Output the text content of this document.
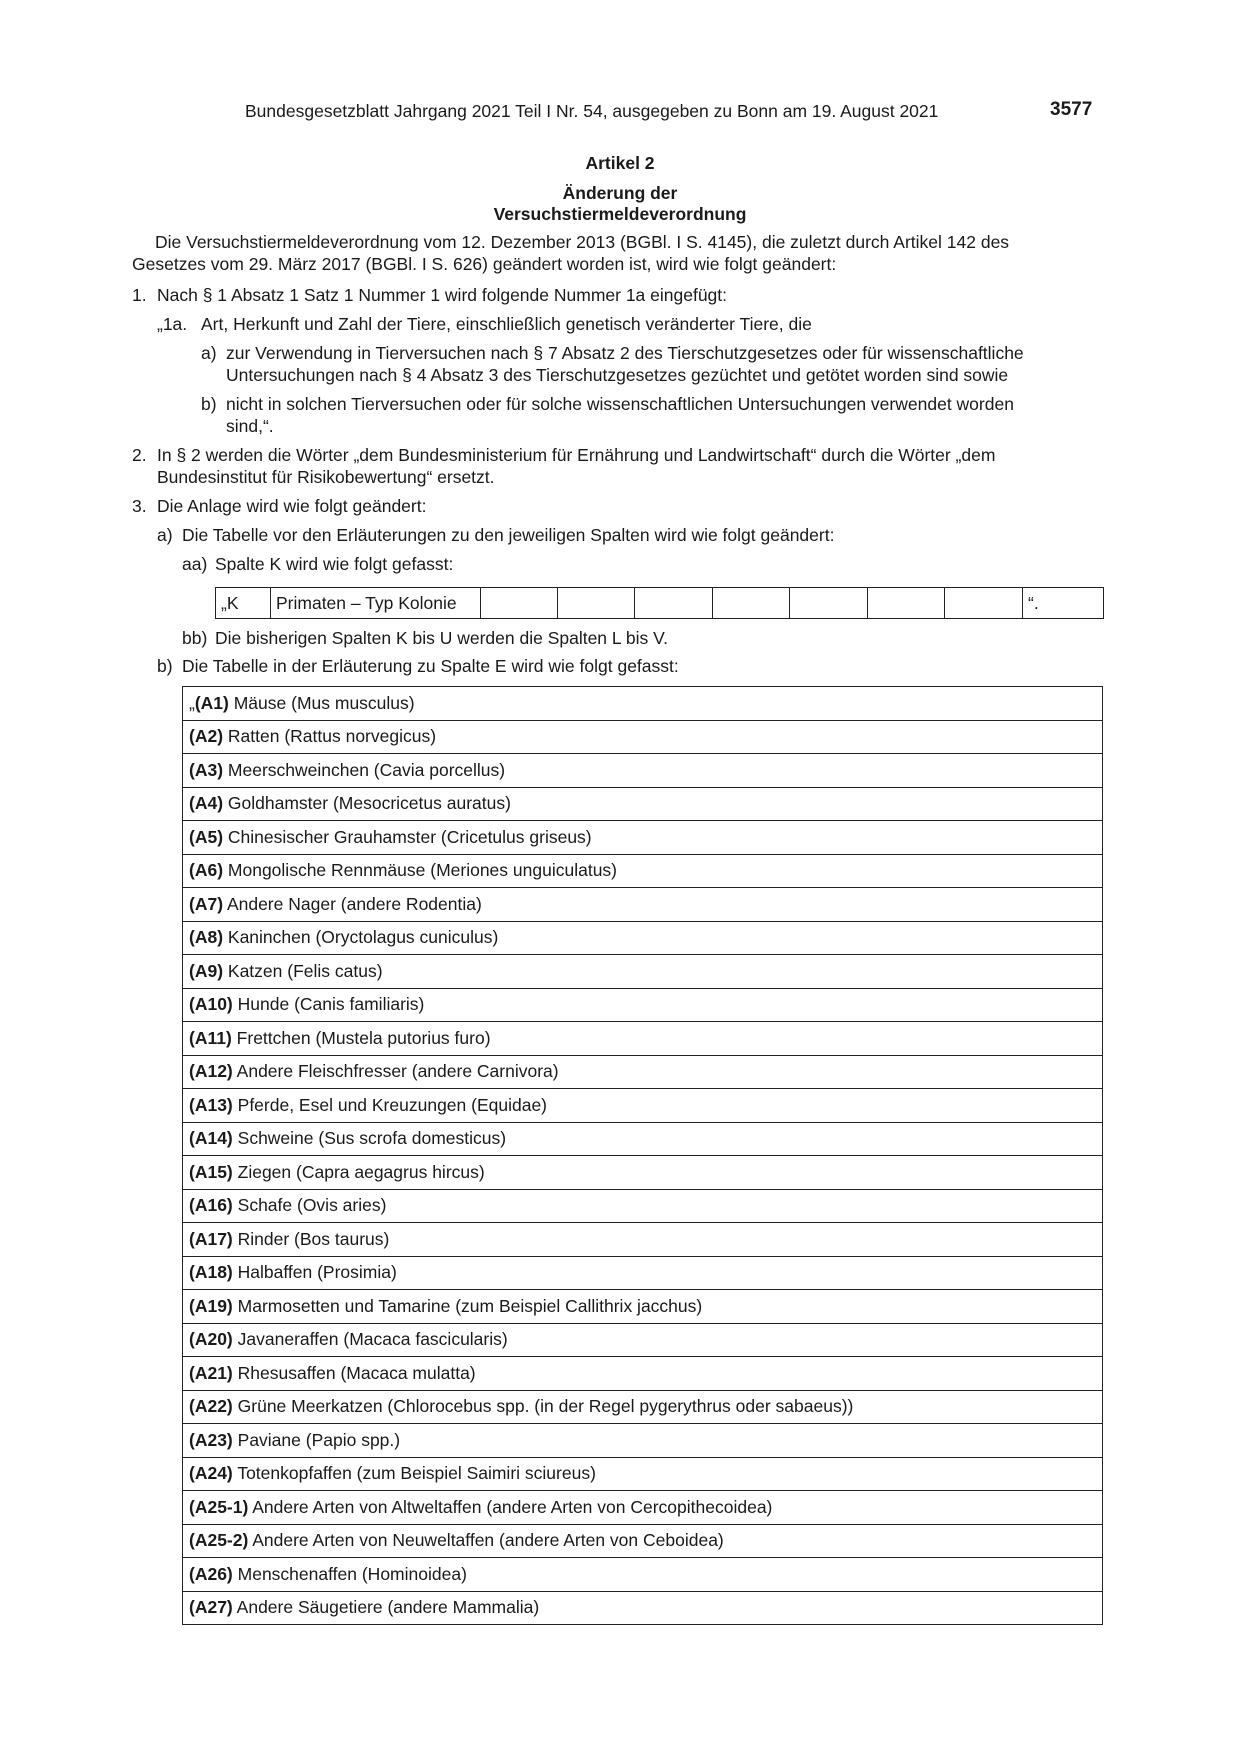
Bundesgesetzblatt Jahrgang 2021 Teil I Nr. 54, ausgegeben zu Bonn am 19. August 2021	3577
Artikel 2
Änderung der
Versuchstiermeldeverordnung
Die Versuchstiermeldeverordnung vom 12. Dezember 2013 (BGBl. I S. 4145), die zuletzt durch Artikel 142 des
Gesetzes vom 29. März 2017 (BGBl. I S. 626) geändert worden ist, wird wie folgt geändert:
1. Nach § 1 Absatz 1 Satz 1 Nummer 1 wird folgende Nummer 1a eingefügt:
„1a. Art, Herkunft und Zahl der Tiere, einschließlich genetisch veränderter Tiere, die
a) zur Verwendung in Tierversuchen nach § 7 Absatz 2 des Tierschutzgesetzes oder für wissenschaftliche
Untersuchungen nach § 4 Absatz 3 des Tierschutzgesetzes gezüchtet und getötet worden sind sowie
b) nicht in solchen Tierversuchen oder für solche wissenschaftlichen Untersuchungen verwendet worden
sind,“.
2. In § 2 werden die Wörter „dem Bundesministerium für Ernährung und Landwirtschaft“ durch die Wörter „dem
Bundesinstitut für Risikobewertung“ ersetzt.
3. Die Anlage wird wie folgt geändert:
a) Die Tabelle vor den Erläuterungen zu den jeweiligen Spalten wird wie folgt geändert:
aa) Spalte K wird wie folgt gefasst:
„K	Primaten – Typ Kolonie								“.
bb) Die bisherigen Spalten K bis U werden die Spalten L bis V.
b) Die Tabelle in der Erläuterung zu Spalte E wird wie folgt gefasst:
„(A1) Mäuse (Mus musculus)
(A2) Ratten (Rattus norvegicus)
(A3) Meerschweinchen (Cavia porcellus)
(A4) Goldhamster (Mesocricetus auratus)
(A5) Chinesischer Grauhamster (Cricetulus griseus)
(A6) Mongolische Rennmäuse (Meriones unguiculatus)
(A7) Andere Nager (andere Rodentia)
(A8) Kaninchen (Oryctolagus cuniculus)
(A9) Katzen (Felis catus)
(A10) Hunde (Canis familiaris)
(A11) Frettchen (Mustela putorius furo)
(A12) Andere Fleischfresser (andere Carnivora)
(A13) Pferde, Esel und Kreuzungen (Equidae)
(A14) Schweine (Sus scrofa domesticus)
(A15) Ziegen (Capra aegagrus hircus)
(A16) Schafe (Ovis aries)
(A17) Rinder (Bos taurus)
(A18) Halbaffen (Prosimia)
(A19) Marmosetten und Tamarine (zum Beispiel Callithrix jacchus)
(A20) Javaneraffen (Macaca fascicularis)
(A21) Rhesusaffen (Macaca mulatta)
(A22) Grüne Meerkatzen (Chlorocebus spp. (in der Regel pygerythrus oder sabaeus))
(A23) Paviane (Papio spp.)
(A24) Totenkopfaffen (zum Beispiel Saimiri sciureus)
(A25-1) Andere Arten von Altweltaffen (andere Arten von Cercopithecoidea)
(A25-2) Andere Arten von Neuweltaffen (andere Arten von Ceboidea)
(A26) Menschenaffen (Hominoidea)
(A27) Andere Säugetiere (andere Mammalia)
